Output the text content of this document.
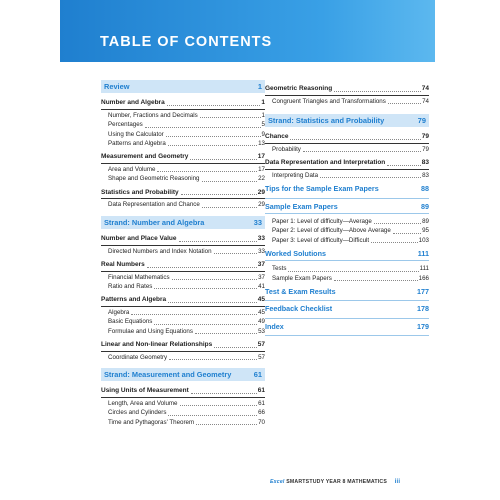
TABLE OF CONTENTS
Review	1
Number and Algebra	1
Number, Fractions and Decimals	1
Percentages	5
Using the Calculator	9
Patterns and Algebra	13
Measurement and Geometry	17
Area and Volume	17
Shape and Geometric Reasoning	22
Statistics and Probability	29
Data Representation and Chance	29
Strand: Number and Algebra	33
Number and Place Value	33
Directed Numbers and Index Notation	33
Real Numbers	37
Financial Mathematics	37
Ratio and Rates	41
Patterns and Algebra	45
Algebra	45
Basic Equations	49
Formulae and Using Equations	53
Linear and Non-linear Relationships	57
Coordinate Geometry	57
Strand: Measurement and Geometry	61
Using Units of Measurement	61
Length, Area and Volume	61
Circles and Cylinders	66
Time and Pythagoras' Theorem	70
Geometric Reasoning	74
Congruent Triangles and Transformations	74
Strand: Statistics and Probability	79
Chance	79
Probability	79
Data Representation and Interpretation	83
Interpreting Data	83
Tips for the Sample Exam Papers	88
Sample Exam Papers	89
Paper 1: Level of difficulty—Average	89
Paper 2: Level of difficulty—Above Average	95
Paper 3: Level of difficulty—Difficult	103
Worked Solutions	111
Tests	111
Sample Exam Papers	166
Test & Exam Results	177
Feedback Checklist	178
Index	179
Excel SMARTSTUDY YEAR 8 MATHEMATICS iii
